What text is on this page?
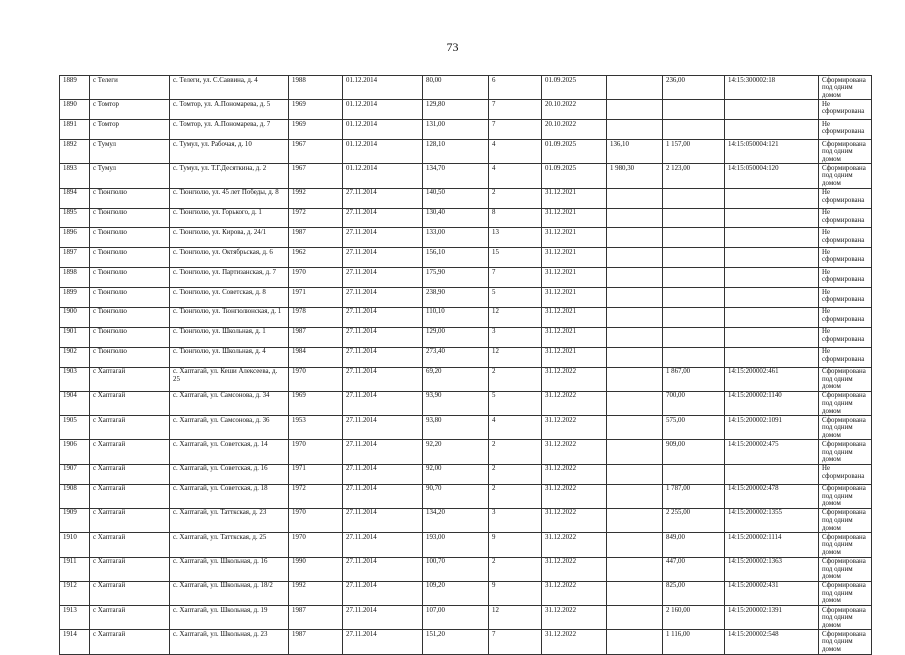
73
1889	с Телеги	с. Телеги, ул. С.Саввина, д. 4	1988	01.12.2014	80,00	6	01.09.2025		236,00	14:15:300002:18	Сформирована под одним домом
1890	с Томтор	с. Томтор, ул. А.Пономарева, д. 5	1969	01.12.2014	129,80	7	20.10.2022				Не сформирована
1891	с Томтор	с. Томтор, ул. А.Пономарева, д. 7	1969	01.12.2014	131,00	7	20.10.2022				Не сформирована
1892	с Тумул	с. Тумул, ул. Рабочая, д. 10	1967	01.12.2014	128,10	4	01.09.2025	136,10	1 157,00	14:15:050004:121	Сформирована под одним домом
1893	с Тумул	с. Тумул, ул. Т.Г.Десяткина, д. 2	1967	01.12.2014	134,70	4	01.09.2025	1 980,30	2 123,00	14:15:050004:120	Сформирована под одним домом
1894	с Тюнгюлю	с. Тюнгюлю, ул. 45 лет Победы, д. 8	1992	27.11.2014	140,50	2	31.12.2021				Не сформирована
1895	с Тюнгюлю	с. Тюнгюлю, ул. Горького, д. 1	1972	27.11.2014	130,40	8	31.12.2021				Не сформирована
1896	с Тюнгюлю	с. Тюнгюлю, ул. Кирова, д. 24/1	1987	27.11.2014	133,00	13	31.12.2021				Не сформирована
1897	с Тюнгюлю	с. Тюнгюлю, ул. Октябрьская, д. 6	1962	27.11.2014	156,10	15	31.12.2021				Не сформирована
1898	с Тюнгюлю	с. Тюнгюлю, ул. Партизанская, д. 7	1970	27.11.2014	175,90	7	31.12.2021				Не сформирована
1899	с Тюнгюлю	с. Тюнгюлю, ул. Советская, д. 8	1971	27.11.2014	238,90	5	31.12.2021				Не сформирована
1900	с Тюнгюлю	с. Тюнгюлю, ул. Тюнгюлюнская, д. 1	1978	27.11.2014	110,10	12	31.12.2021				Не сформирована
1901	с Тюнгюлю	с. Тюнгюлю, ул. Школьная, д. 1	1987	27.11.2014	129,00	3	31.12.2021				Не сформирована
1902	с Тюнгюлю	с. Тюнгюлю, ул. Школьная, д. 4	1984	27.11.2014	273,40	12	31.12.2021				Не сформирована
1903	с Хаптагай	с. Хаптагай, ул. Кеши Алексеева, д. 25	1970	27.11.2014	69,20	2	31.12.2022		1 867,00	14:15:200002:461	Сформирована под одним домом
1904	с Хаптагай	с. Хаптагай, ул. Самсонова, д. 34	1969	27.11.2014	93,90	5	31.12.2022		700,00	14:15:200002:1140	Сформирована под одним домом
1905	с Хаптагай	с. Хаптагай, ул. Самсонова, д. 36	1953	27.11.2014	93,80	4	31.12.2022		575,00	14:15:200002:1091	Сформирована под одним домом
1906	с Хаптагай	с. Хаптагай, ул. Советская, д. 14	1970	27.11.2014	92,20	2	31.12.2022		909,00	14:15:200002:475	Сформирована под одним домом
1907	с Хаптагай	с. Хаптагай, ул. Советская, д. 16	1971	27.11.2014	92,00	2	31.12.2022				Не сформирована
1908	с Хаптагай	с. Хаптагай, ул. Советская, д. 18	1972	27.11.2014	90,70	2	31.12.2022		1 787,00	14:15:200002:478	Сформирована под одним домом
1909	с Хаптагай	с. Хаптагай, ул. Татткская, д. 23	1970	27.11.2014	134,20	3	31.12.2022		2 255,00	14:15:200002:1355	Сформирована под одним домом
1910	с Хаптагай	с. Хаптагай, ул. Татткская, д. 25	1970	27.11.2014	193,00	9	31.12.2022		849,00	14:15:200002:1114	Сформирована под одним домом
1911	с Хаптагай	с. Хаптагай, ул. Школьная, д. 16	1990	27.11.2014	100,70	2	31.12.2022		447,00	14:15:200002:1363	Сформирована под одним домом
1912	с Хаптагай	с. Хаптагай, ул. Школьная, д. 18/2	1992	27.11.2014	109,20	9	31.12.2022		825,00	14:15:200002:431	Сформирована под одним домом
1913	с Хаптагай	с. Хаптагай, ул. Школьная, д. 19	1987	27.11.2014	107,00	12	31.12.2022		2 160,00	14:15:200002:1391	Сформирована под одним домом
1914	с Хаптагай	с. Хаптагай, ул. Школьная, д. 23	1987	27.11.2014	151,20	7	31.12.2022		1 116,00	14:15:200002:548	Сформирована под одним домом
